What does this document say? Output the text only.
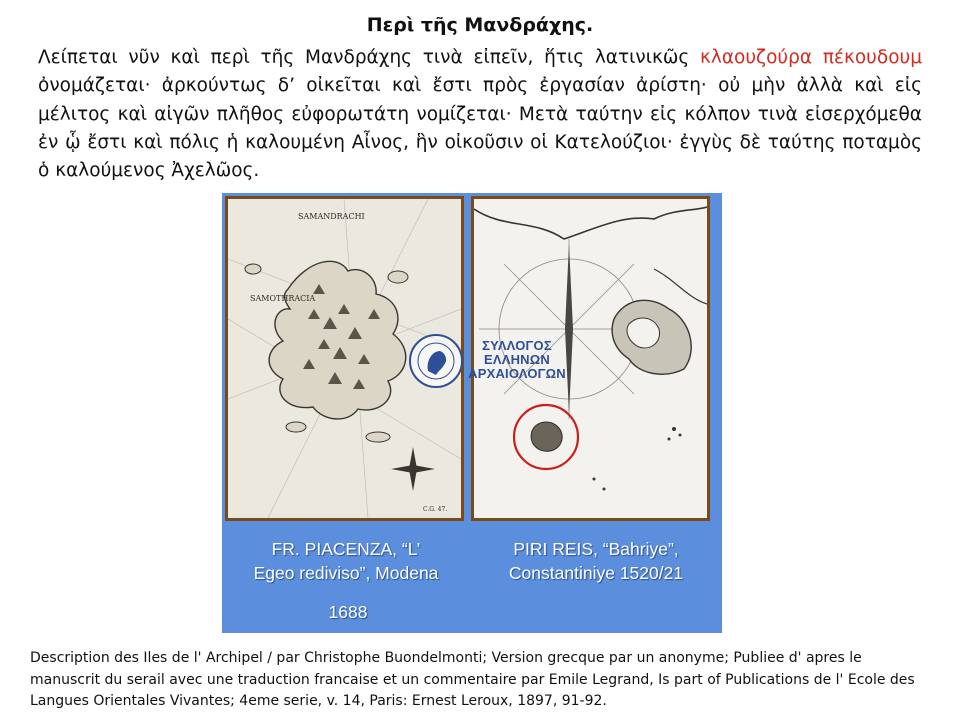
Περὶ τῆς Μανδράχης.
Λείπεται νῦν καὶ περὶ τῆς Μανδράχης τινὰ εἰπεῖν, ἥτις λατινικῶς κλαουζούρα πέκουδουμ ὀνομάζεται· ἀρκούντως δ’ οἰκεῖται καὶ ἔστι πρὸς ἐργασίαν ἀρίστη· οὐ μὴν ἀλλὰ καὶ εἰς μέλιτος καὶ αἰγῶν πλῆθος εὐφορωτάτη νομίζεται· Μετὰ ταύτην εἰς κόλπον τινὰ εἰσερχόμεθα ἐν ᾧ ἔστι καὶ πόλις ἡ καλουμένη Αἶνος, ἣν οἰκοῦσιν οἱ Κατελούζιοι· ἐγγὺς δὲ ταύτης ποταμὸς ὁ καλούμενος Ἀχελῶος.
SAMANDRACHI
SAMOTHRACIA
C.G. 47.
FR. PIACENZA, “L’
Egeo rediviso”, Modena
1688
PIRI REIS, “Bahriye”,
Constantiniye 1520/21
ΣΥΛΛΟΓΟΣ
ΕΛΛΗΝΩΝ
ΑΡΧΑΙΟΛΟΓΩΝ
Description des Iles de l' Archipel / par Christophe Buondelmonti; Version grecque par un anonyme; Publiee d' apres le manuscrit du serail avec une traduction francaise et un commentaire par Emile Legrand, Is part of Publications de l' Ecole des Langues Orientales Vivantes; 4eme serie, v. 14, Paris: Ernest Leroux, 1897, 91-92.
